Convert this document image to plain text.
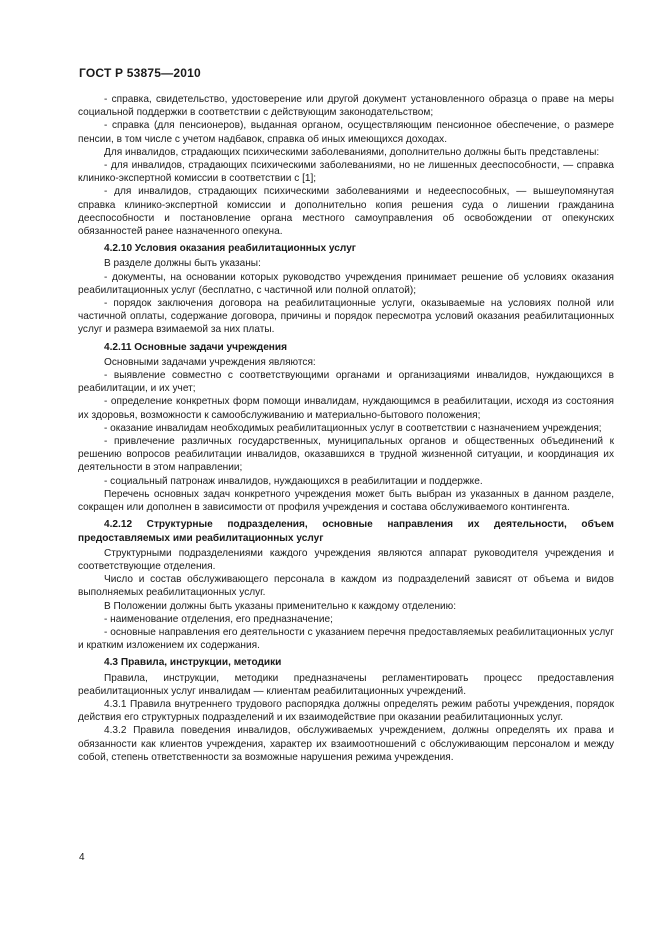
ГОСТ Р 53875—2010

- справка, свидетельство, удостоверение или другой документ установленного образца о праве на меры социальной поддержки в соответствии с действующим законодательством;

- справка (для пенсионеров), выданная органом, осуществляющим пенсионное обеспечение, о размере пенсии, в том числе с учетом надбавок, справка об иных имеющихся доходах.

Для инвалидов, страдающих психическими заболеваниями, дополнительно должны быть представлены:

- для инвалидов, страдающих психическими заболеваниями, но не лишенных дееспособности, — справка клинико-экспертной комиссии в соответствии с [1];

- для инвалидов, страдающих психическими заболеваниями и недееспособных, — вышеупомянутая справка клинико-экспертной комиссии и дополнительно копия решения суда о лишении гражданина дееспособности и постановление органа местного самоуправления об освобождении от опекунских обязанностей ранее назначенного опекуна.

4.2.10 Условия оказания реабилитационных услуг

В разделе должны быть указаны:

- документы, на основании которых руководство учреждения принимает решение об условиях оказания реабилитационных услуг (бесплатно, с частичной или полной оплатой);

- порядок заключения договора на реабилитационные услуги, оказываемые на условиях полной или частичной оплаты, содержание договора, причины и порядок пересмотра условий оказания реабилитационных услуг и размера взимаемой за них платы.

4.2.11 Основные задачи учреждения

Основными задачами учреждения являются:

- выявление совместно с соответствующими органами и организациями инвалидов, нуждающихся в реабилитации, и их учет;

- определение конкретных форм помощи инвалидам, нуждающимся в реабилитации, исходя из состояния их здоровья, возможности к самообслуживанию и материально-бытового положения;

- оказание инвалидам необходимых реабилитационных услуг в соответствии с назначением учреждения;

- привлечение различных государственных, муниципальных органов и общественных объединений к решению вопросов реабилитации инвалидов, оказавшихся в трудной жизненной ситуации, и координация их деятельности в этом направлении;

- социальный патронаж инвалидов, нуждающихся в реабилитации и поддержке.

Перечень основных задач конкретного учреждения может быть выбран из указанных в данном разделе, сокращен или дополнен в зависимости от профиля учреждения и состава обслуживаемого контингента.

4.2.12 Структурные подразделения, основные направления их деятельности, объем предоставляемых ими реабилитационных услуг

Структурными подразделениями каждого учреждения являются аппарат руководителя учреждения и соответствующие отделения.

Число и состав обслуживающего персонала в каждом из подразделений зависят от объема и видов выполняемых реабилитационных услуг.

В Положении должны быть указаны применительно к каждому отделению:

- наименование отделения, его предназначение;

- основные направления его деятельности с указанием перечня предоставляемых реабилитационных услуг и кратким изложением их содержания.

4.3 Правила, инструкции, методики

Правила, инструкции, методики предназначены регламентировать процесс предоставления реабилитационных услуг инвалидам — клиентам реабилитационных учреждений.

4.3.1 Правила внутреннего трудового распорядка должны определять режим работы учреждения, порядок действия его структурных подразделений и их взаимодействие при оказании реабилитационных услуг.

4.3.2 Правила поведения инвалидов, обслуживаемых учреждением, должны определять их права и обязанности как клиентов учреждения, характер их взаимоотношений с обслуживающим персоналом и между собой, степень ответственности за возможные нарушения режима учреждения.

4
